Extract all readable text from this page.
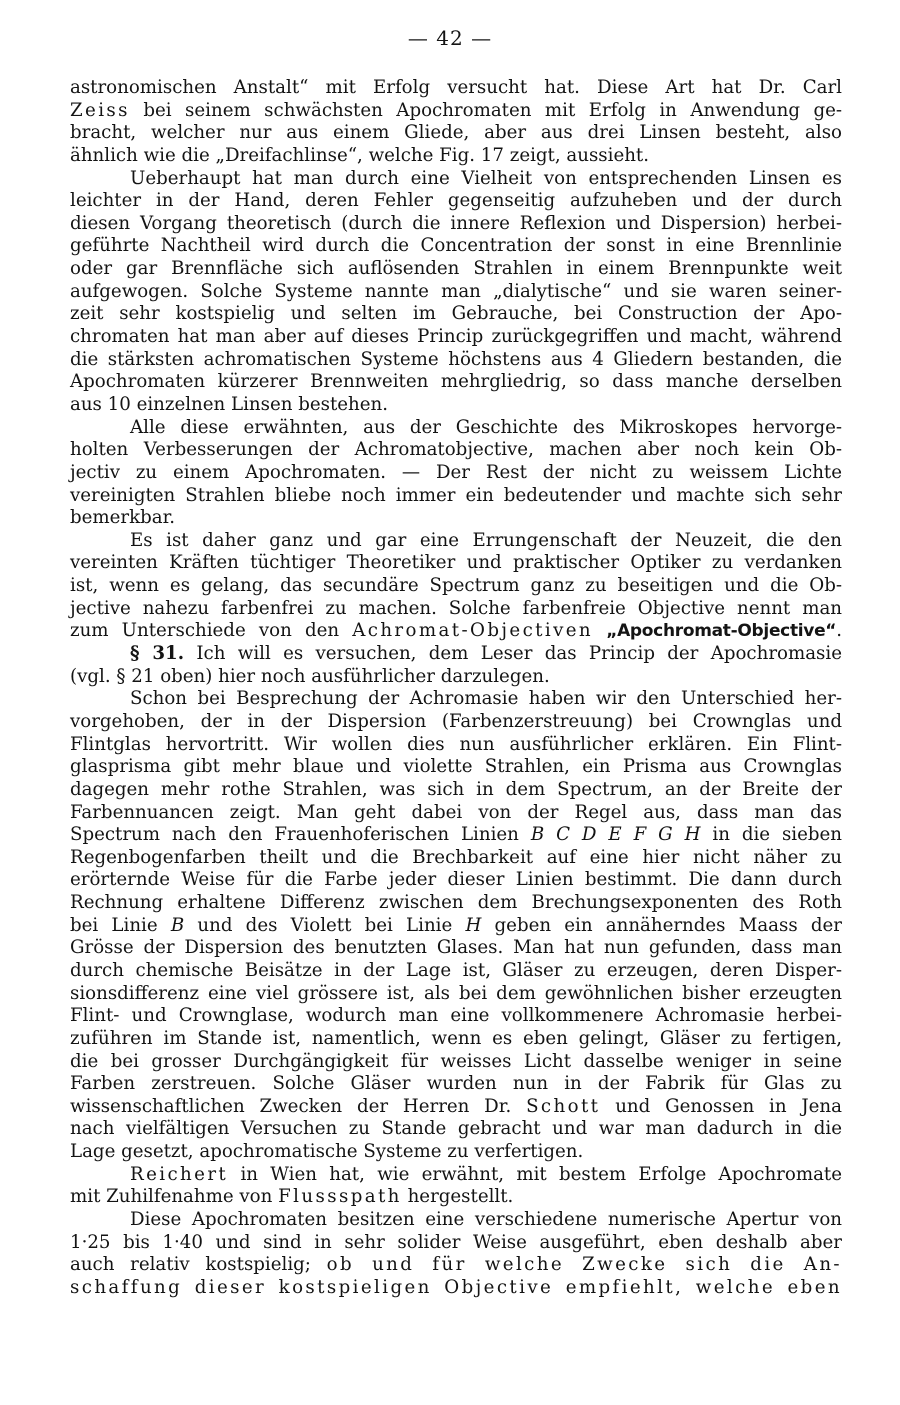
— 42 —
astronomischen Anstalt“ mit Erfolg versucht hat. Diese Art hat Dr. Carl
Zeiss bei seinem schwächsten Apochromaten mit Erfolg in Anwendung ge-
bracht, welcher nur aus einem Gliede, aber aus drei Linsen besteht, also
ähnlich wie die „Dreifachlinse“, welche Fig. 17 zeigt, aussieht.
Ueberhaupt hat man durch eine Vielheit von entsprechenden Linsen es
leichter in der Hand, deren Fehler gegenseitig aufzuheben und der durch
diesen Vorgang theoretisch (durch die innere Reflexion und Dispersion) herbei-
geführte Nachtheil wird durch die Concentration der sonst in eine Brennlinie
oder gar Brennfläche sich auflösenden Strahlen in einem Brennpunkte weit
aufgewogen. Solche Systeme nannte man „dialytische“ und sie waren seiner-
zeit sehr kostspielig und selten im Gebrauche, bei Construction der Apo-
chromaten hat man aber auf dieses Princip zurückgegriffen und macht, während
die stärksten achromatischen Systeme höchstens aus 4 Gliedern bestanden, die
Apochromaten kürzerer Brennweiten mehrgliedrig, so dass manche derselben
aus 10 einzelnen Linsen bestehen.
Alle diese erwähnten, aus der Geschichte des Mikroskopes hervorge-
holten Verbesserungen der Achromatobjective, machen aber noch kein Ob-
jectiv zu einem Apochromaten. — Der Rest der nicht zu weissem Lichte
vereinigten Strahlen bliebe noch immer ein bedeutender und machte sich sehr
bemerkbar.
Es ist daher ganz und gar eine Errungenschaft der Neuzeit, die den
vereinten Kräften tüchtiger Theoretiker und praktischer Optiker zu verdanken
ist, wenn es gelang, das secundäre Spectrum ganz zu beseitigen und die Ob-
jective nahezu farbenfrei zu machen. Solche farbenfreie Objective nennt man
zum Unterschiede von den Achromat-Objectiven „Apochromat-Objective“.
§ 31. Ich will es versuchen, dem Leser das Princip der Apochromasie
(vgl. § 21 oben) hier noch ausführlicher darzulegen.
Schon bei Besprechung der Achromasie haben wir den Unterschied her-
vorgehoben, der in der Dispersion (Farbenzerstreuung) bei Crownglas und
Flintglas hervortritt. Wir wollen dies nun ausführlicher erklären. Ein Flint-
glasprisma gibt mehr blaue und violette Strahlen, ein Prisma aus Crownglas
dagegen mehr rothe Strahlen, was sich in dem Spectrum, an der Breite der
Farbennuancen zeigt. Man geht dabei von der Regel aus, dass man das
Spectrum nach den Frauenhoferischen Linien B C D E F G H in die sieben
Regenbogenfarben theilt und die Brechbarkeit auf eine hier nicht näher zu
erörternde Weise für die Farbe jeder dieser Linien bestimmt. Die dann durch
Rechnung erhaltene Differenz zwischen dem Brechungsexponenten des Roth
bei Linie B und des Violett bei Linie H geben ein annäherndes Maass der
Grösse der Dispersion des benutzten Glases. Man hat nun gefunden, dass man
durch chemische Beisätze in der Lage ist, Gläser zu erzeugen, deren Disper-
sionsdifferenz eine viel grössere ist, als bei dem gewöhnlichen bisher erzeugten
Flint- und Crownglase, wodurch man eine vollkommenere Achromasie herbei-
zuführen im Stande ist, namentlich, wenn es eben gelingt, Gläser zu fertigen,
die bei grosser Durchgängigkeit für weisses Licht dasselbe weniger in seine
Farben zerstreuen. Solche Gläser wurden nun in der Fabrik für Glas zu
wissenschaftlichen Zwecken der Herren Dr. Schott und Genossen in Jena
nach vielfältigen Versuchen zu Stande gebracht und war man dadurch in die
Lage gesetzt, apochromatische Systeme zu verfertigen.
Reichert in Wien hat, wie erwähnt, mit bestem Erfolge Apochromate
mit Zuhilfenahme von Flussspath hergestellt.
Diese Apochromaten besitzen eine verschiedene numerische Apertur von
1·25 bis 1·40 und sind in sehr solider Weise ausgeführt, eben deshalb aber
auch relativ kostspielig; ob und für welche Zwecke sich die An-
schaffung dieser kostspieligen Objective empfiehlt, welche eben
